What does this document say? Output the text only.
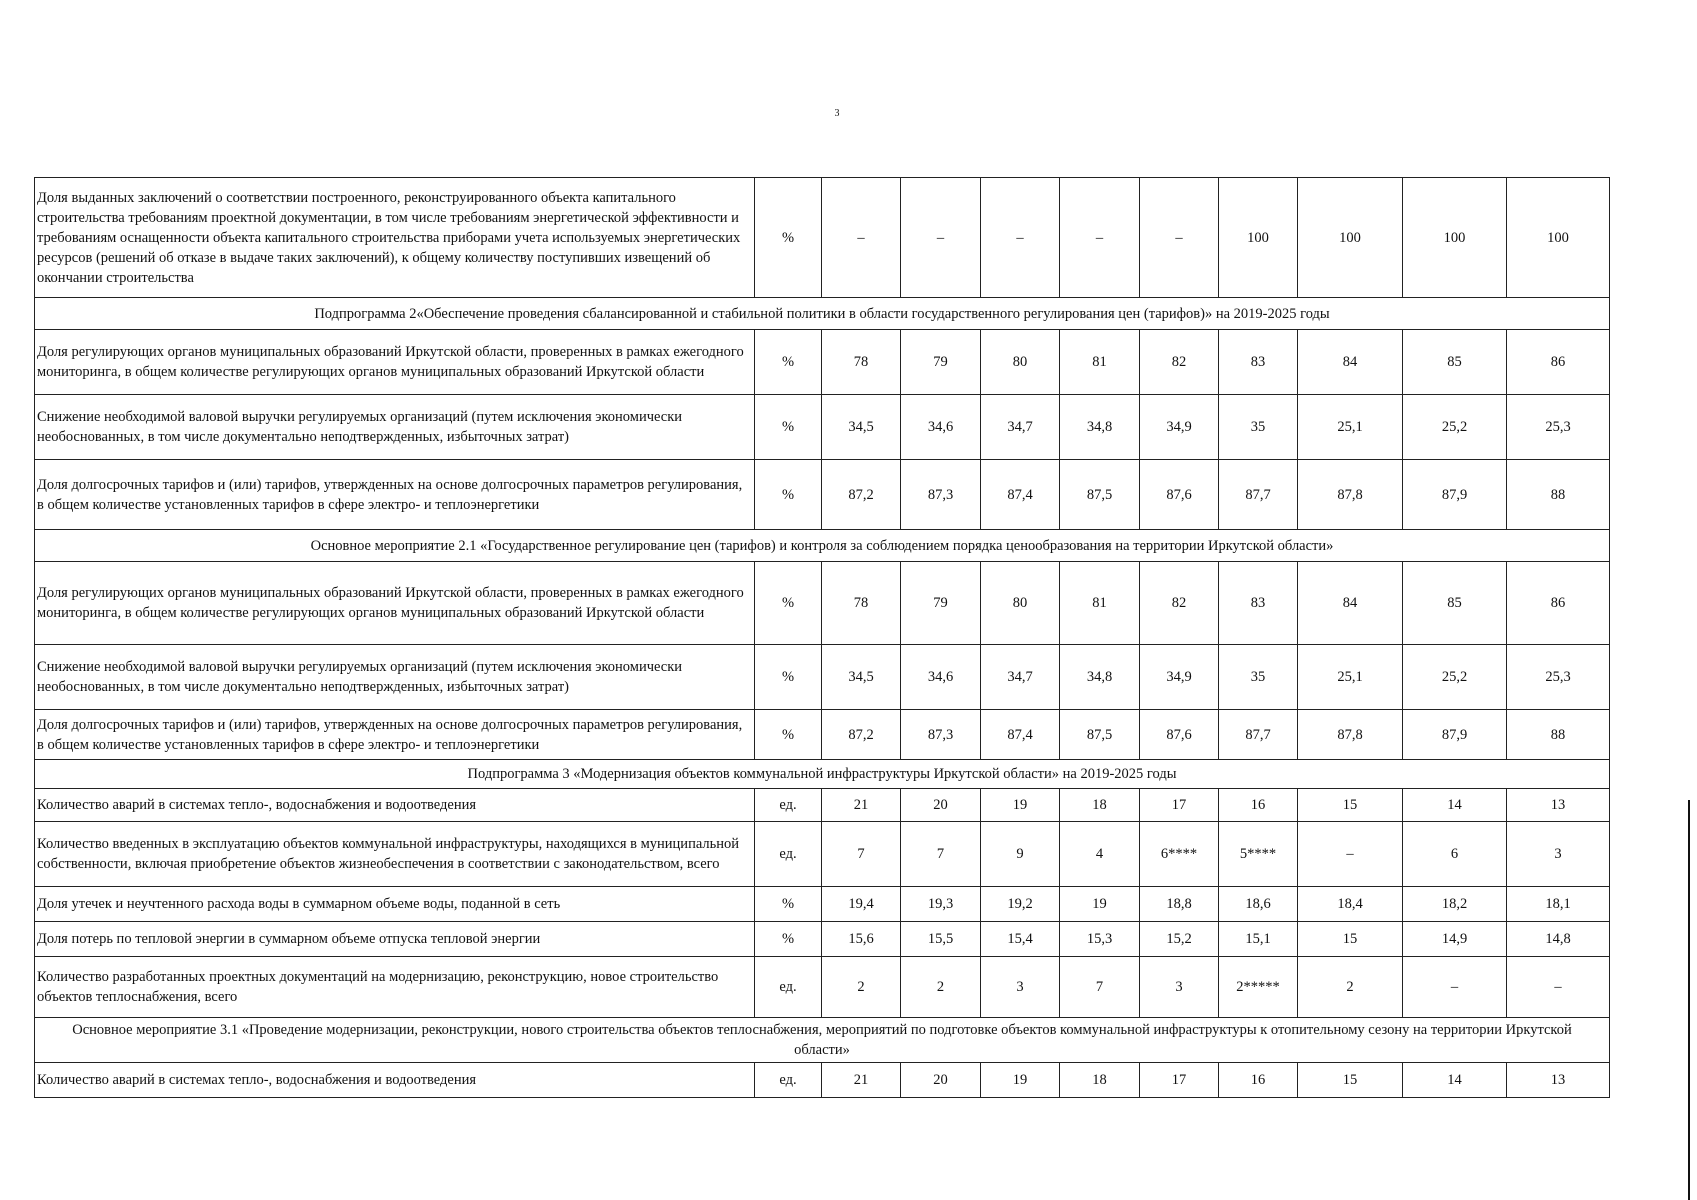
3
Доля выданных заключений о соответствии построенного, реконструированного объекта капитального строительства требованиям проектной документации, в том числе требованиям энергетической эффективности и требованиям оснащенности объекта капитального строительства приборами учета используемых энергетических ресурсов (решений об отказе в выдаче таких заключений), к общему количеству поступивших извещений об окончании строительства	%	–	–	–	–	–	100	100	100	100
Подпрограмма 2«Обеспечение проведения сбалансированной и стабильной политики в области государственного регулирования цен (тарифов)» на 2019-2025 годы										
Доля регулирующих органов муниципальных образований Иркутской области, проверенных в рамках ежегодного мониторинга, в общем количестве регулирующих органов муниципальных образований Иркутской области	%	78	79	80	81	82	83	84	85	86
Снижение необходимой валовой выручки регулируемых организаций (путем исключения экономически необоснованных, в том числе документально неподтвержденных, избыточных затрат)	%	34,5	34,6	34,7	34,8	34,9	35	25,1	25,2	25,3
Доля долгосрочных тарифов и (или) тарифов, утвержденных на основе долгосрочных параметров регулирования, в общем количестве установленных тарифов в сфере электро- и теплоэнергетики	%	87,2	87,3	87,4	87,5	87,6	87,7	87,8	87,9	88
Основное мероприятие 2.1 «Государственное регулирование цен (тарифов) и контроля за соблюдением порядка ценообразования на территории Иркутской области»										
Доля регулирующих органов муниципальных образований Иркутской области, проверенных в рамках ежегодного мониторинга, в общем количестве регулирующих органов муниципальных образований Иркутской области	%	78	79	80	81	82	83	84	85	86
Снижение необходимой валовой выручки регулируемых организаций (путем исключения экономически необоснованных, в том числе документально неподтвержденных, избыточных затрат)	%	34,5	34,6	34,7	34,8	34,9	35	25,1	25,2	25,3
Доля долгосрочных тарифов и (или) тарифов, утвержденных на основе долгосрочных параметров регулирования, в общем количестве установленных тарифов в сфере электро- и теплоэнергетики	%	87,2	87,3	87,4	87,5	87,6	87,7	87,8	87,9	88
Подпрограмма 3 «Модернизация объектов коммунальной инфраструктуры Иркутской области» на 2019-2025 годы										
Количество аварий в системах тепло-, водоснабжения и водоотведения	ед.	21	20	19	18	17	16	15	14	13
Количество введенных в эксплуатацию объектов коммунальной инфраструктуры, находящихся в муниципальной собственности, включая приобретение объектов жизнеобеспечения в соответствии с законодательством, всего	ед.	7	7	9	4	6****	5****	–	6	3
Доля утечек и неучтенного расхода воды в суммарном объеме воды, поданной в сеть	%	19,4	19,3	19,2	19	18,8	18,6	18,4	18,2	18,1
Доля потерь по тепловой энергии в суммарном объеме отпуска тепловой энергии	%	15,6	15,5	15,4	15,3	15,2	15,1	15	14,9	14,8
Количество разработанных проектных документаций на модернизацию, реконструкцию, новое строительство объектов теплоснабжения, всего	ед.	2	2	3	7	3	2*****	2	–	–
Основное мероприятие 3.1 «Проведение модернизации, реконструкции, нового строительства объектов теплоснабжения, мероприятий по подготовке объектов коммунальной инфраструктуры к отопительному сезону на территории Иркутской области»										
Количество аварий в системах тепло-, водоснабжения и водоотведения	ед.	21	20	19	18	17	16	15	14	13
